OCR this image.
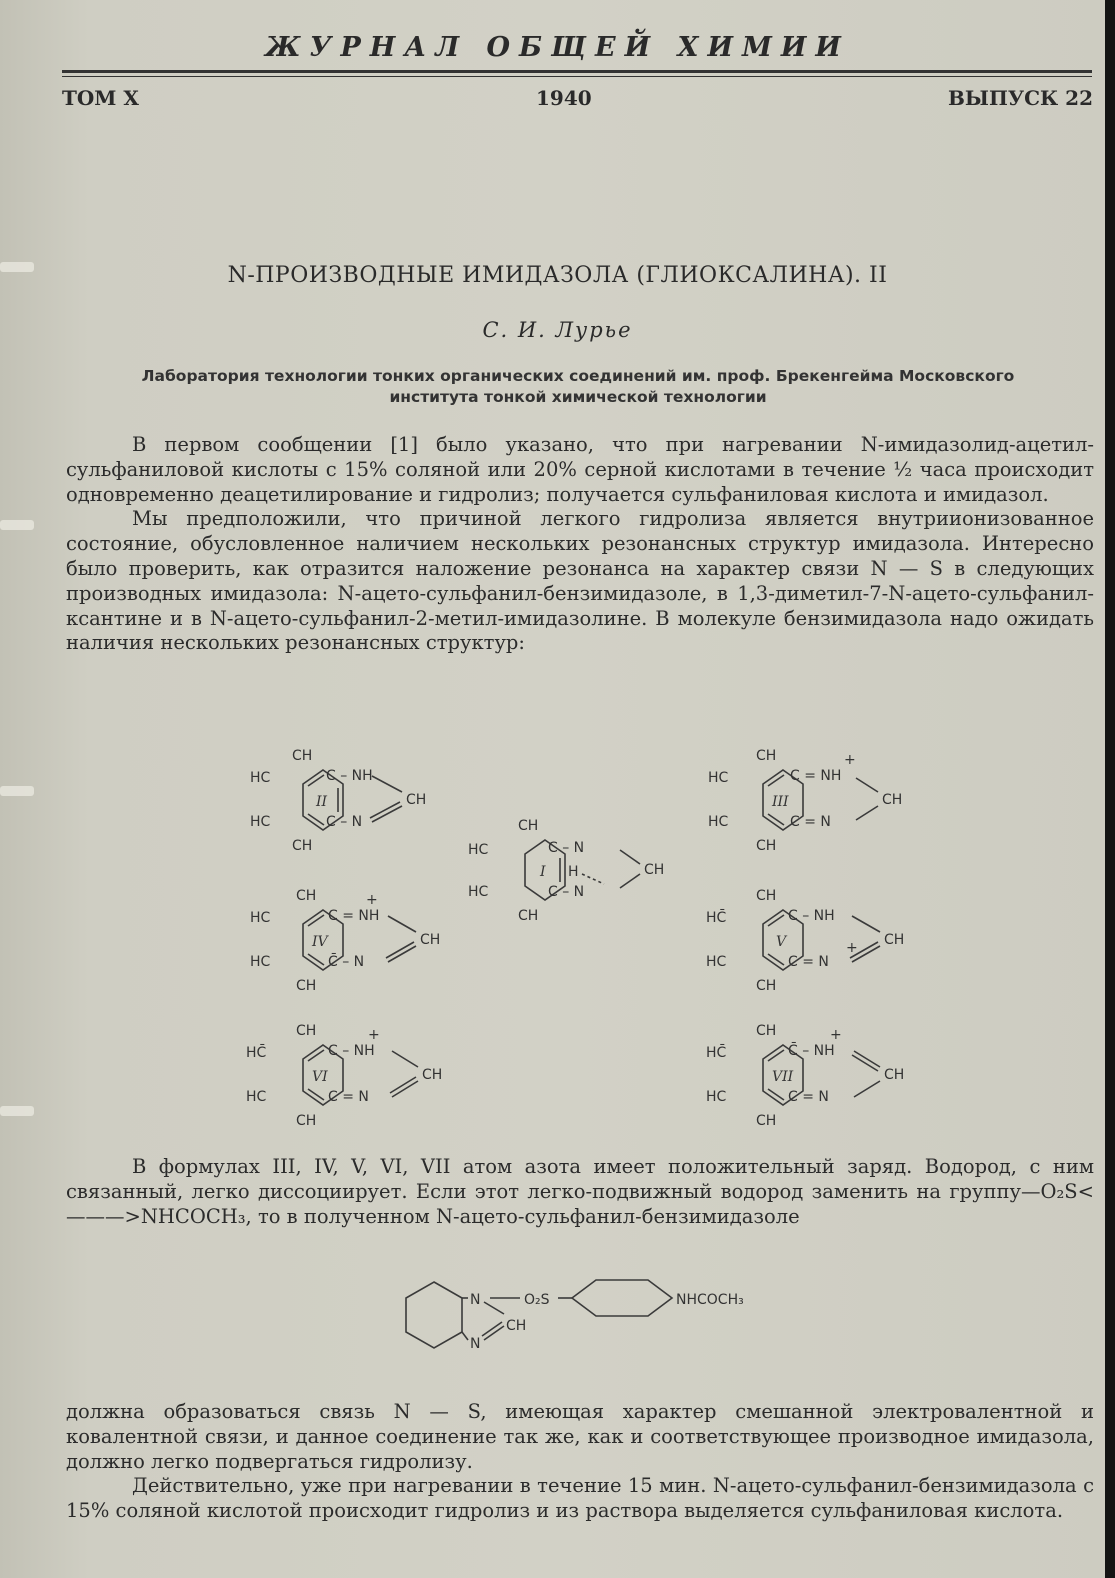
ЖУРНАЛ ОБЩЕЙ ХИМИИ
ТОМ X	1940	ВЫПУСК 22
N-ПРОИЗВОДНЫЕ ИМИДАЗОЛА (ГЛИОКСАЛИНА). II
С. И. Лурье
Лаборатория технологии тонких органических соединений им. проф. Брекенгейма Московского
института тонкой химической технологии

В первом сообщении [1] было указано, что при нагревании N-имидазолид-ацетил-сульфаниловой кислоты с 15% соляной или 20% серной кислотами в течение ½ часа происходит одновременно деацетилирование и гидролиз; получается сульфаниловая кислота и имидазол.

Мы предположили, что причиной легкого гидролиза является внутриионизованное состояние, обусловленное наличием нескольких резонансных структур имидазола. Интересно было проверить, как отразится наложение резонанса на характер связи N — S в следующих производных имидазола: N-ацето-сульфанил-бензимидазоле, в 1,3-диметил-7-N-ацето-сульфанил-ксантине и в N-ацето-сульфанил-2-метил-имидазолине. В молекуле бензимидазола надо ожидать наличия нескольких резонансных структур:

CH
HC
HC
CH
C – NH
C – N
CH
II
CH
HC
HC
CH
C = NH
+
C = N
CH
III
CH
HC
HC
CH
C – N
H
C – N
CH
I
CH
HC
HC
CH
C = NH
+
C̄ – N
CH
IV
CH
HC̄
HC
CH
C – NH
C = N
+ CH
V
CH
HC̄
HC
CH
C – NH
+
C = N
CH
VI
CH
HC̄
HC
CH
C̄ – NH
+
C = N
CH
VII

В формулах III, IV, V, VI, VII атом азота имеет положительный заряд. Водород, с ним связанный, легко диссоциирует. Если этот легко-подвижный водород заменить на группу—O₂S<———>NHCOCH₃, то в полученном N-ацето-сульфанил-бензимидазоле

N
N
CH
O₂S	NHCOCH₃

должна образоваться связь N — S, имеющая характер смешанной электровалентной и ковалентной связи, и данное соединение так же, как и соответствующее производное имидазола, должно легко подвергаться гидролизу.

Действительно, уже при нагревании в течение 15 мин. N-ацето-сульфанил-бензимидазола с 15% соляной кислотой происходит гидролиз и из раствора выделяется сульфаниловая кислота.
